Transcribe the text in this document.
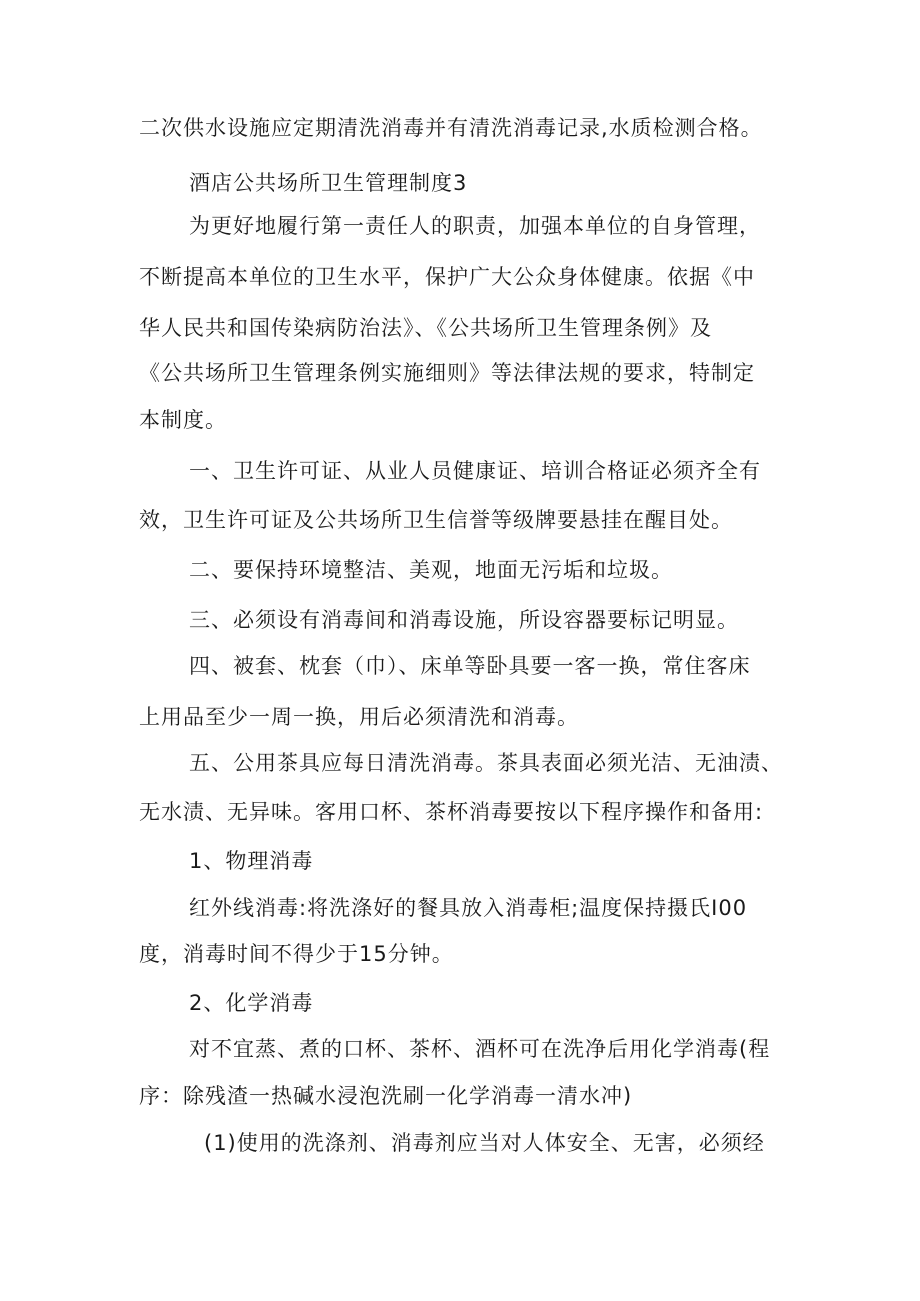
二次供水设施应定期清洗消毒并有清洗消毒记录,水质检测合格。
酒店公共场所卫生管理制度3
为更好地履行第一责任人的职责，加强本单位的自身管理，
不断提高本单位的卫生水平，保护广大公众身体健康。依据《中
华人民共和国传染病防治法》、《公共场所卫生管理条例》及
《公共场所卫生管理条例实施细则》等法律法规的要求，特制定
本制度。
一、卫生许可证、从业人员健康证、培训合格证必须齐全有
效，卫生许可证及公共场所卫生信誉等级牌要悬挂在醒目处。
二、要保持环境整洁、美观，地面无污垢和垃圾。
三、必须设有消毒间和消毒设施，所设容器要标记明显。
四、被套、枕套（巾）、床单等卧具要一客一换，常住客床
上用品至少一周一换，用后必须清洗和消毒。
五、公用茶具应每日清洗消毒。茶具表面必须光洁、无油渍、
无水渍、无异味。客用口杯、茶杯消毒要按以下程序操作和备用:
1、物理消毒
红外线消毒:将洗涤好的餐具放入消毒柜;温度保持摄氏I00
度，消毒时间不得少于15分钟。
2、化学消毒
对不宜蒸、煮的口杯、茶杯、酒杯可在洗净后用化学消毒(程
序：除残渣一热碱水浸泡洗刷一化学消毒一清水冲)
(1)使用的洗涤剂、消毒剂应当对人体安全、无害，必须经
